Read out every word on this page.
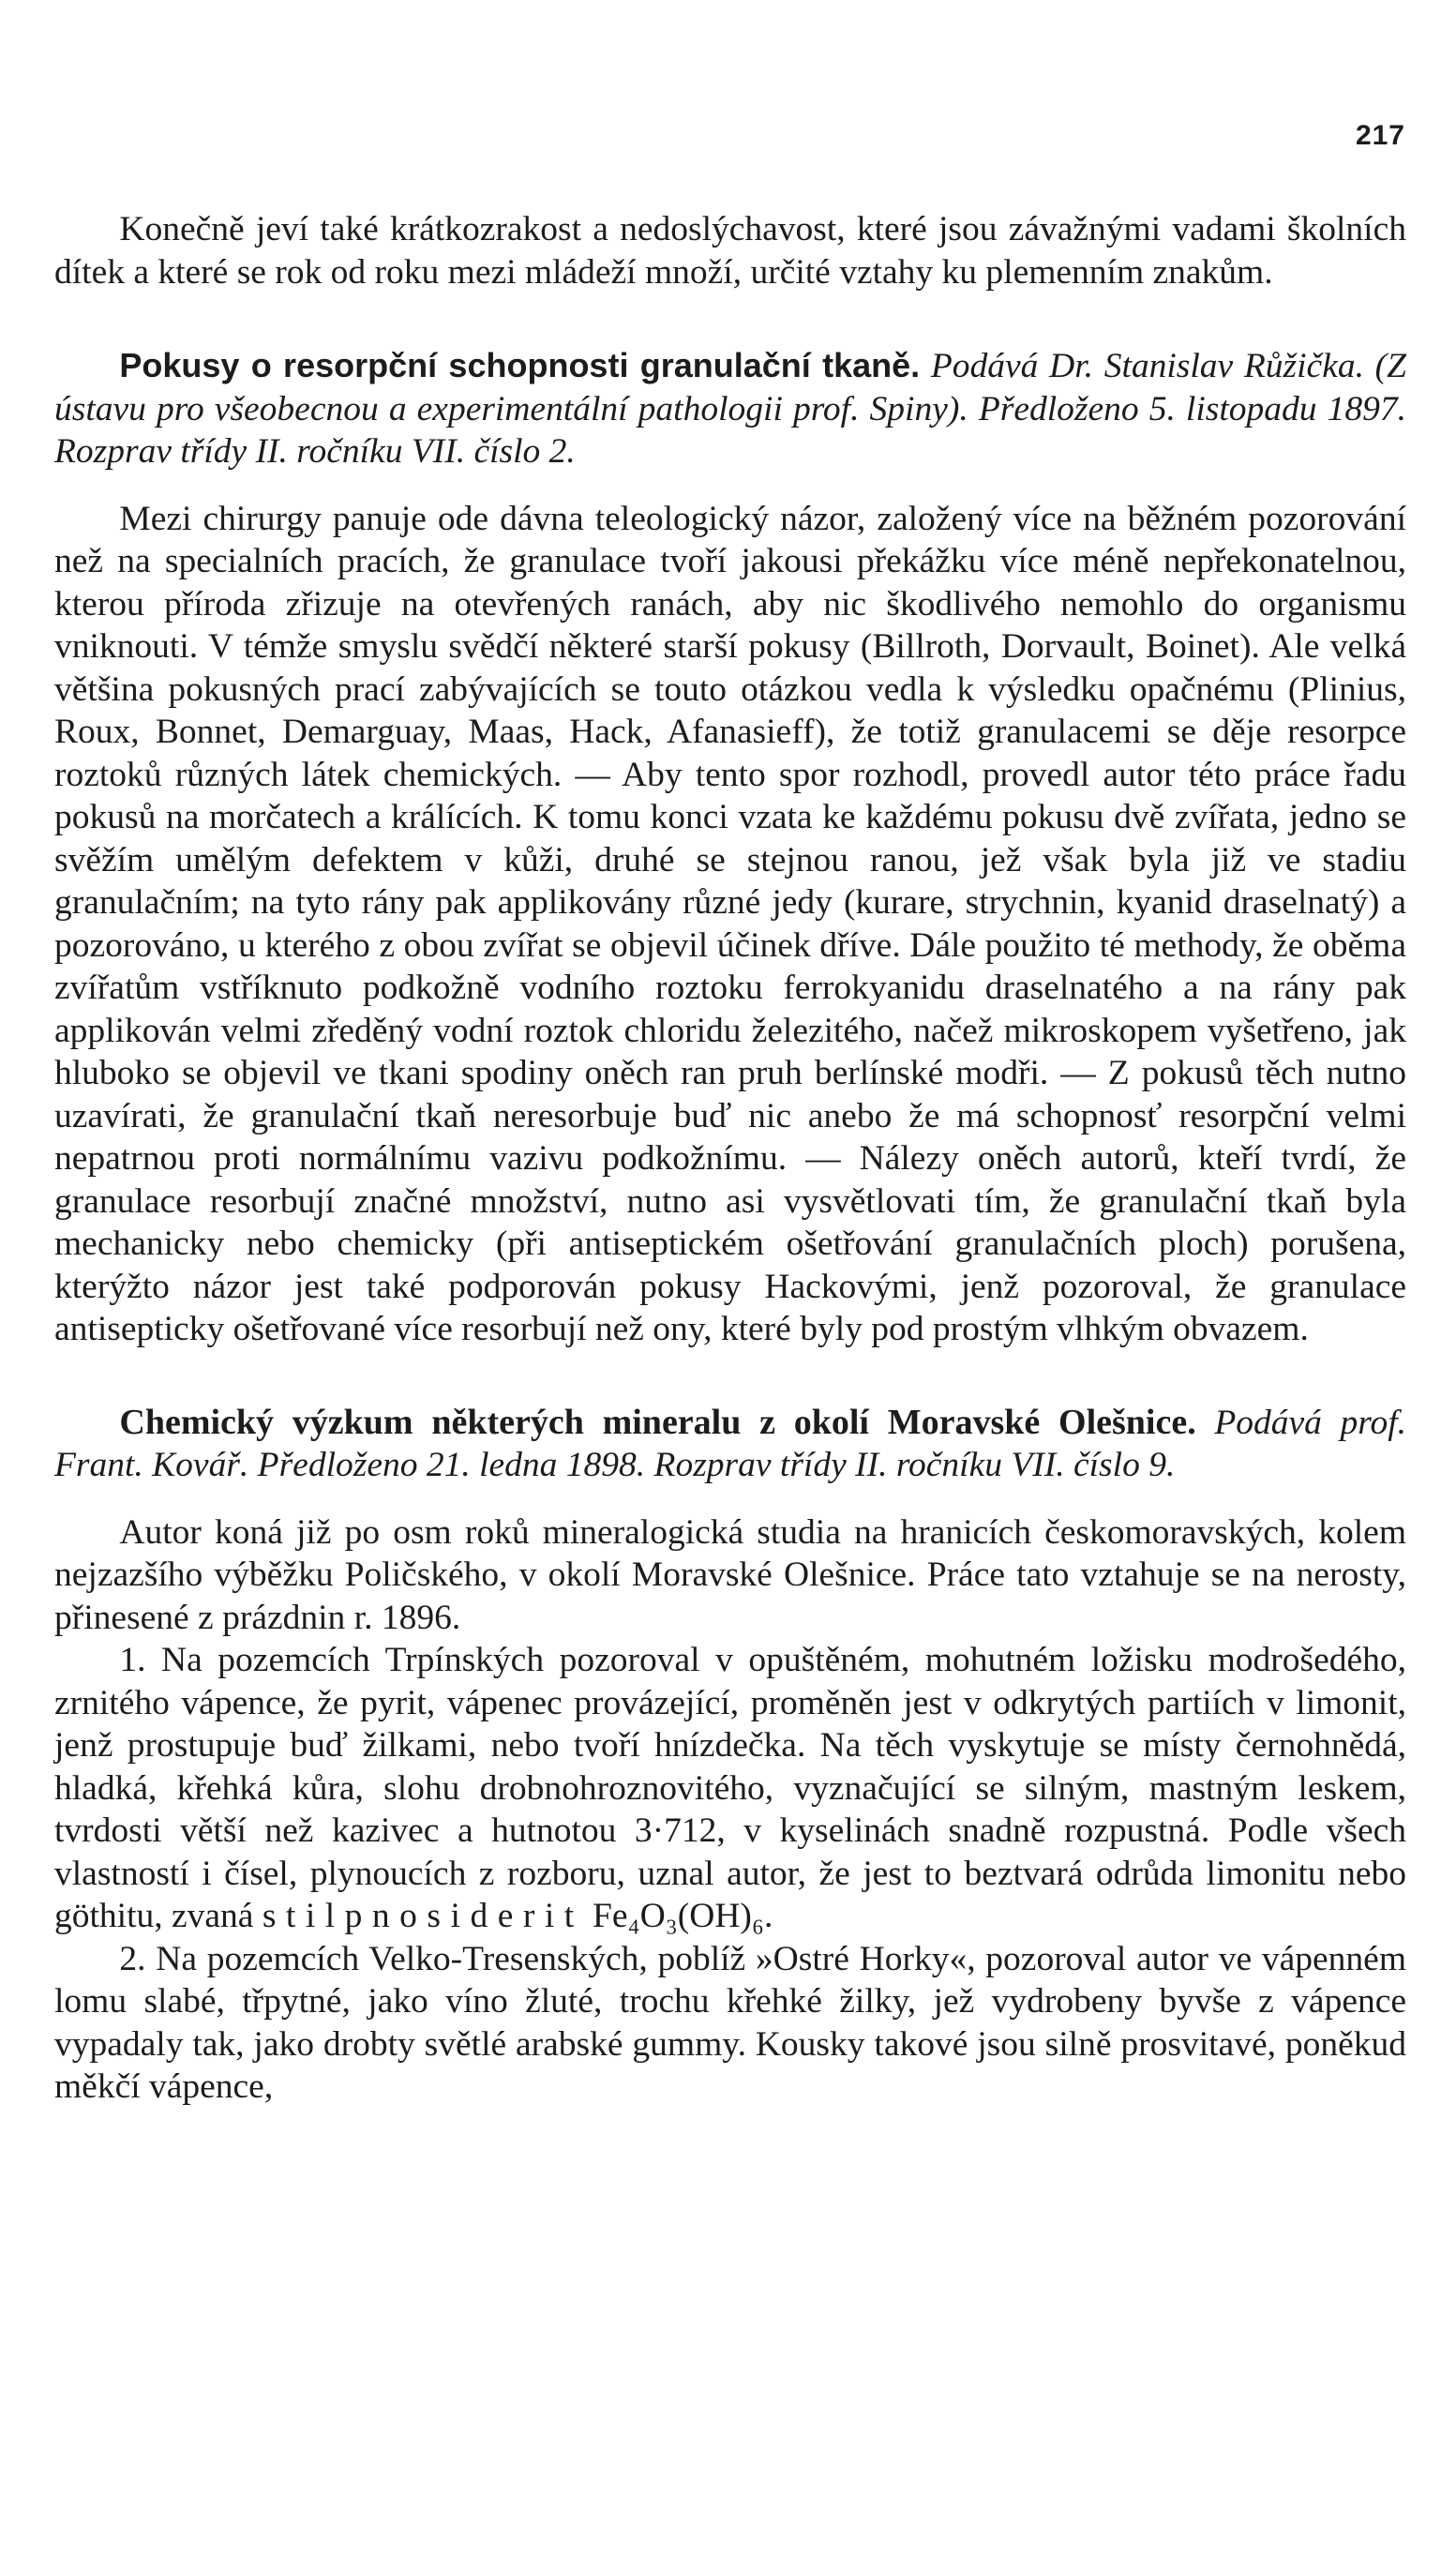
217

Konečně jeví také krátkozrakost a nedoslýchavost, které jsou závažnými vadami školních dítek a které se rok od roku mezi mládeží množí, určité vztahy ku plemenním znakům.

Pokusy o resorpční schopnosti granulační tkaně. Podává Dr. Stanislav Růžička. (Z ústavu pro všeobecnou a experimentální pathologii prof. Spiny). Předloženo 5. listopadu 1897. Rozprav třídy II. ročníku VII. číslo 2.

Mezi chirurgy panuje ode dávna teleologický názor, založený více na běžném pozorování než na specialních pracích, že granulace tvoří jakousi překážku více méně nepřekonatelnou, kterou příroda zřizuje na otevřených ranách, aby nic škodlivého nemohlo do organismu vniknouti. V témže smyslu svědčí některé starší pokusy (Billroth, Dorvault, Boinet). Ale velká většina pokusných prací zabývajících se touto otázkou vedla k výsledku opačnému (Plinius, Roux, Bonnet, Demarguay, Maas, Hack, Afanasieff), že totiž granulacemi se děje resorpce roztoků různých látek chemických. — Aby tento spor rozhodl, provedl autor této práce řadu pokusů na morčatech a králících. K tomu konci vzata ke každému pokusu dvě zvířata, jedno se svěžím umělým defektem v kůži, druhé se stejnou ranou, jež však byla již ve stadiu granulačním; na tyto rány pak applikovány různé jedy (kurare, strychnin, kyanid draselnatý) a pozorováno, u kterého z obou zvířat se objevil účinek dříve. Dále použito té methody, že oběma zvířatům vstříknuto podkožně vodního roztoku ferrokyanidu draselnatého a na rány pak applikován velmi zředěný vodní roztok chloridu železitého, načež mikroskopem vyšetřeno, jak hluboko se objevil ve tkani spodiny oněch ran pruh berlínské modři. — Z pokusů těch nutno uzavírati, že granulační tkaň neresorbuje buď nic anebo že má schopnosť resorpční velmi nepatrnou proti normálnímu vazivu podkožnímu. — Nálezy oněch autorů, kteří tvrdí, že granulace resorbují značné množství, nutno asi vysvětlovati tím, že granulační tkaň byla mechanicky nebo chemicky (při antiseptickém ošetřování granulačních ploch) porušena, kterýžto názor jest také podporován pokusy Hackovými, jenž pozoroval, že granulace antisepticky ošetřované více resorbují než ony, které byly pod prostým vlhkým obvazem.

Chemický výzkum některých mineralu z okolí Moravské Olešnice. Podává prof. Frant. Kovář. Předloženo 21. ledna 1898. Rozprav třídy II. ročníku VII. číslo 9.

Autor koná již po osm roků mineralogická studia na hranicích českomoravských, kolem nejzazšího výběžku Poličského, v okolí Moravské Olešnice. Práce tato vztahuje se na nerosty, přinesené z prázdnin r. 1896.

1. Na pozemcích Trpínských pozoroval v opuštěném, mohutném ložisku modrošedého, zrnitého vápence, že pyrit, vápenec provázející, proměněn jest v odkrytých partiích v limonit, jenž prostupuje buď žilkami, nebo tvoří hnízdečka. Na těch vyskytuje se místy černohnědá, hladká, křehká kůra, slohu drobnohroznovitého, vyznačující se silným, mastným leskem, tvrdosti větší než kazivec a hutnotou 3·712, v kyselinách snadně rozpustná. Podle všech vlastností i čísel, plynoucích z rozboru, uznal autor, že jest to beztvará odrůda limonitu nebo göthitu, zvaná stilpnosiderit Fe₄O₃(OH)₆.

2. Na pozemcích Velko-Tresenských, poblíž »Ostré Horky«, pozoroval autor ve vápenném lomu slabé, třpytné, jako víno žluté, trochu křehké žilky, jež vydrobeny byvše z vápence vypadaly tak, jako drobty světlé arabské gummy. Kousky takové jsou silně prosvitavé, poněkud měkčí vápence,
